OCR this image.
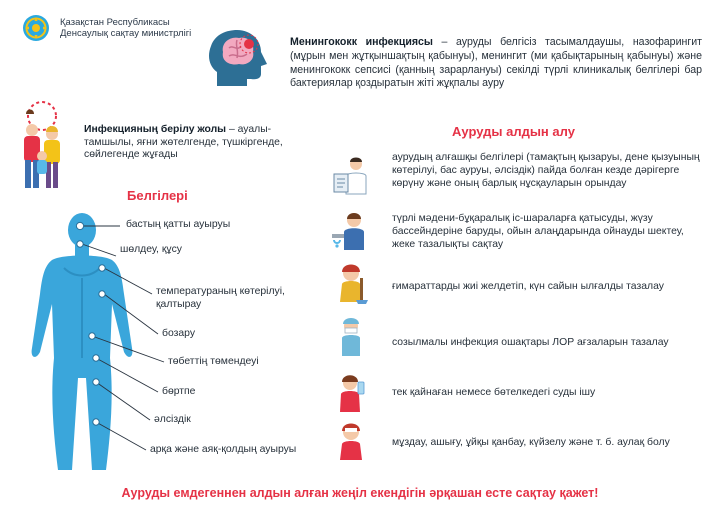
Қазақстан Республикасы
Денсаулық сақтау министрлігі
Менингококк инфекциясы – ауруды белгісіз тасымалдаушы, назофарингит (мұрын мен жұтқыншақтың қабынуы), менингит (ми қабықтарының қабынуы) және менингококк сепсисі (қанның зарарлануы) секілді түрлі клиникалық белгілері бар бактериялар қоздыратын жіті жұқпалы ауру
Инфекцияның берілу жолы – ауалы-тамшылы, яғни жөтелгенде, түшкіргенде, сөйлегенде жұғады
Белгілері
бастың қатты ауыруы
шөлдеу, құсу
температураның көтерілуі, қалтырау
бозару
төбеттің төмендеуі
бөртпе
әлсіздік
арқа және аяқ-қолдың ауыруы
Ауруды алдын алу
аурудың алғашқы белгілері (тамақтың қызаруы, дене қызуының көтерілуі, бас ауруы, әлсіздік) пайда болған кезде дәрігерге көрүну және оның барлық нұсқауларын орындау
түрлі мәдени-бұқаралық іс-шараларға қатысуды, жүзу бассейндеріне баруды, ойын алаңдарында ойнауды шектеу, жеке тазалықты сақтау
ғимараттарды жиі желдетіп, күн сайын ылғалды тазалау
созылмалы инфекция ошақтары ЛОР ағзаларын тазалау
тек қайнаған немесе бөтелкедегі суды ішу
мұздау, ашығу, ұйқы қанбау, күйзелу және т. б. аулақ болу
Ауруды емдегеннен алдын алған жеңіл екендігін әрқашан есте сақтау қажет!
